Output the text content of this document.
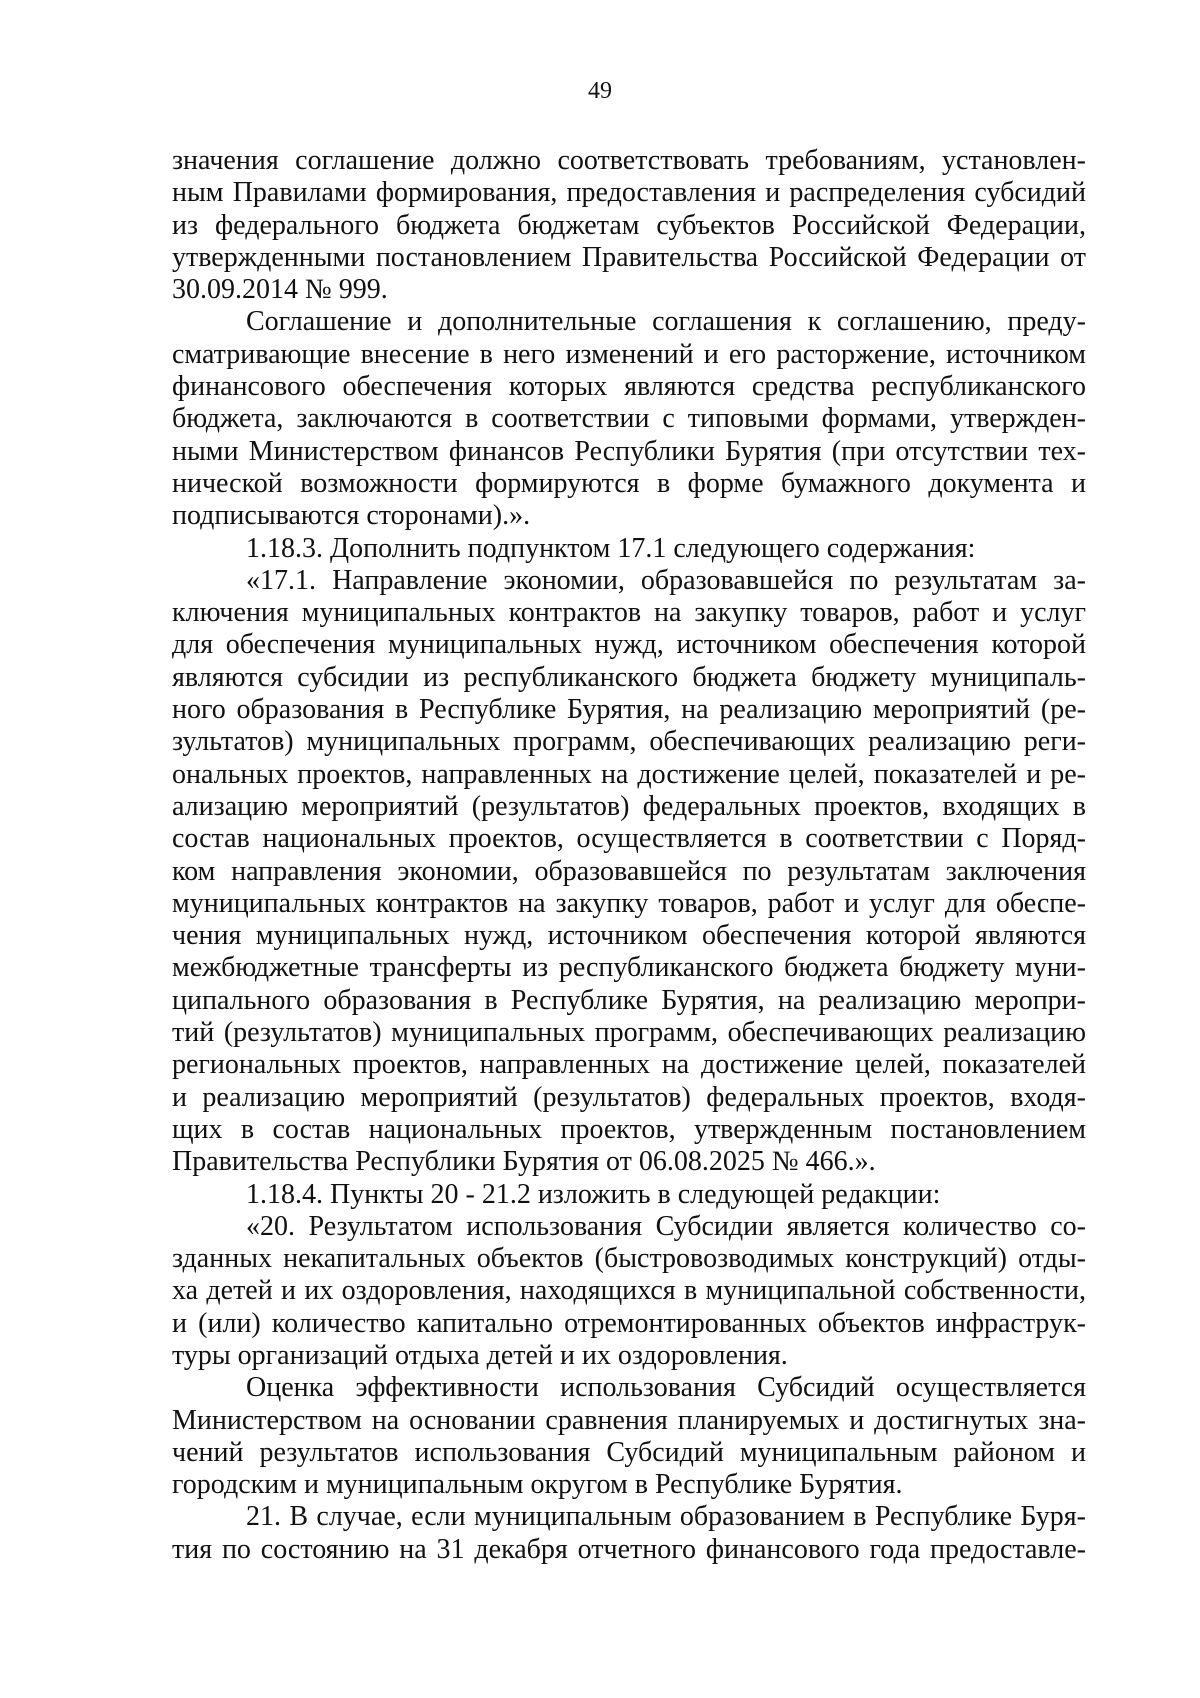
49
значения соглашение должно соответствовать требованиям, установлен-
ным Правилами формирования, предоставления и распределения субсидий
из федерального бюджета бюджетам субъектов Российской Федерации,
утвержденными постановлением Правительства Российской Федерации от
30.09.2014 № 999.
Соглашение и дополнительные соглашения к соглашению, преду-
сматривающие внесение в него изменений и его расторжение, источником
финансового обеспечения которых являются средства республиканского
бюджета, заключаются в соответствии с типовыми формами, утвержден-
ными Министерством финансов Республики Бурятия (при отсутствии тех-
нической возможности формируются в форме бумажного документа и
подписываются сторонами).».
1.18.3. Дополнить подпунктом 17.1 следующего содержания:
«17.1. Направление экономии, образовавшейся по результатам за-
ключения муниципальных контрактов на закупку товаров, работ и услуг
для обеспечения муниципальных нужд, источником обеспечения которой
являются субсидии из республиканского бюджета бюджету муниципаль-
ного образования в Республике Бурятия, на реализацию мероприятий (ре-
зультатов) муниципальных программ, обеспечивающих реализацию реги-
ональных проектов, направленных на достижение целей, показателей и ре-
ализацию мероприятий (результатов) федеральных проектов, входящих в
состав национальных проектов, осуществляется в соответствии с Поряд-
ком направления экономии, образовавшейся по результатам заключения
муниципальных контрактов на закупку товаров, работ и услуг для обеспе-
чения муниципальных нужд, источником обеспечения которой являются
межбюджетные трансферты из республиканского бюджета бюджету муни-
ципального образования в Республике Бурятия, на реализацию меропри-
тий (результатов) муниципальных программ, обеспечивающих реализацию
региональных проектов, направленных на достижение целей, показателей
и реализацию мероприятий (результатов) федеральных проектов, входя-
щих в состав национальных проектов, утвержденным постановлением
Правительства Республики Бурятия от 06.08.2025 № 466.».
1.18.4. Пункты 20 - 21.2 изложить в следующей редакции:
«20. Результатом использования Субсидии является количество со-
зданных некапитальных объектов (быстровозводимых конструкций) отды-
ха детей и их оздоровления, находящихся в муниципальной собственности,
и (или) количество капитально отремонтированных объектов инфраструк-
туры организаций отдыха детей и их оздоровления.
Оценка эффективности использования Субсидий осуществляется
Министерством на основании сравнения планируемых и достигнутых зна-
чений результатов использования Субсидий муниципальным районом и
городским и муниципальным округом в Республике Бурятия.
21. В случае, если муниципальным образованием в Республике Буря-
тия по состоянию на 31 декабря отчетного финансового года предоставле-
